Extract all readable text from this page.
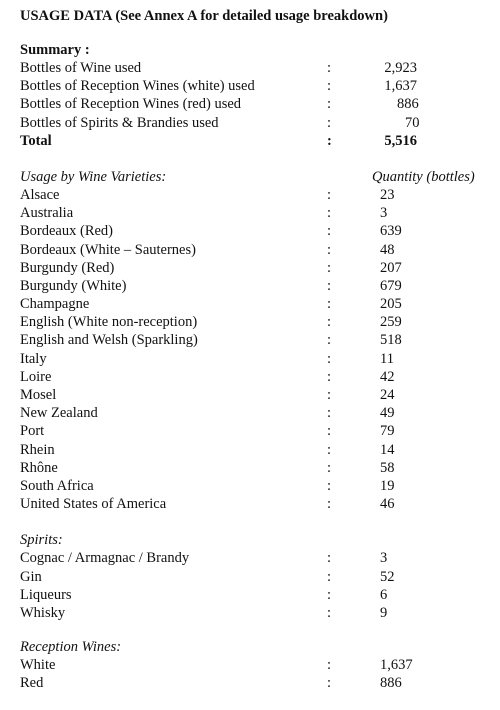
USAGE DATA (See Annex A for detailed usage breakdown)
Summary :
Bottles of Wine used	:	2,923
Bottles of Reception Wines (white) used	:	1,637
Bottles of Reception Wines (red) used	:	886
Bottles of Spirits & Brandies used	:	70
Total	:	5,516
Usage by Wine Varieties:	Quantity (bottles)
Alsace	:	23
Australia	:	3
Bordeaux (Red)	:	639
Bordeaux (White – Sauternes)	:	48
Burgundy (Red)	:	207
Burgundy (White)	:	679
Champagne	:	205
English (White non-reception)	:	259
English and Welsh (Sparkling)	:	518
Italy	:	11
Loire	:	42
Mosel	:	24
New Zealand	:	49
Port	:	79
Rhein	:	14
Rhône	:	58
South Africa	:	19
United States of America	:	46
Spirits:
Cognac / Armagnac / Brandy	:	3
Gin	:	52
Liqueurs	:	6
Whisky	:	9
Reception Wines:
White	:	1,637
Red	:	886
